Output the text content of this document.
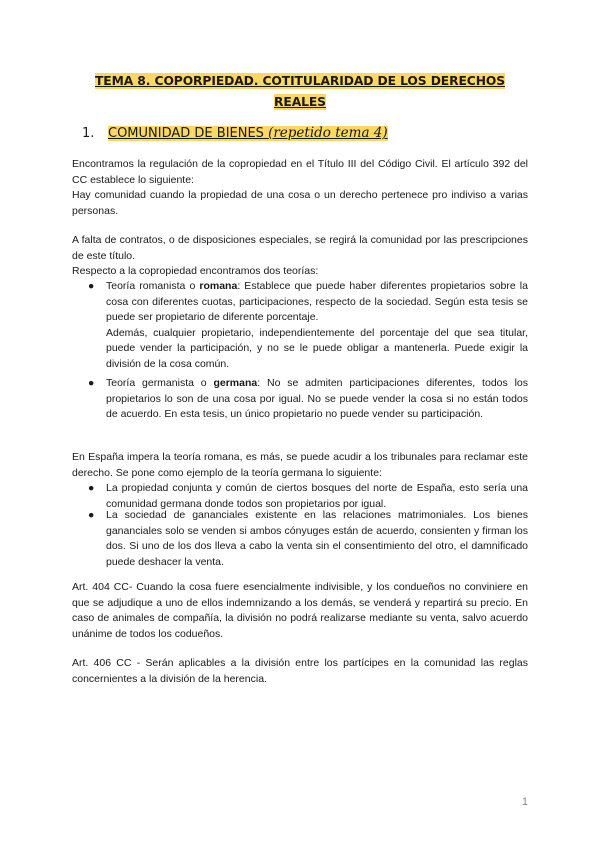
TEMA 8. COPORPIEDAD. COTITULARIDAD DE LOS DERECHOS
REALES
1. COMUNIDAD DE BIENES (repetido tema 4)
Encontramos la regulación de la copropiedad en el Título III del Código Civil. El artículo 392 del CC establece lo siguiente:
Hay comunidad cuando la propiedad de una cosa o un derecho pertenece pro indiviso a varias personas.
A falta de contratos, o de disposiciones especiales, se regirá la comunidad por las prescripciones de este título.
Respecto a la copropiedad encontramos dos teorías:
●	Teoría romanista o romana: Establece que puede haber diferentes propietarios sobre la cosa con diferentes cuotas, participaciones, respecto de la sociedad. Según esta tesis se puede ser propietario de diferente porcentaje.
Además, cualquier propietario, independientemente del porcentaje del que sea titular, puede vender la participación, y no se le puede obligar a mantenerla. Puede exigir la división de la cosa común.
●	Teoría germanista o germana: No se admiten participaciones diferentes, todos los propietarios lo son de una cosa por igual. No se puede vender la cosa si no están todos de acuerdo. En esta tesis, un único propietario no puede vender su participación.
En España impera la teoría romana, es más, se puede acudir a los tribunales para reclamar este derecho. Se pone como ejemplo de la teoría germana lo siguiente:
●	La propiedad conjunta y común de ciertos bosques del norte de España, esto sería una comunidad germana donde todos son propietarios por igual.
●	La sociedad de gananciales existente en las relaciones matrimoniales. Los bienes gananciales solo se venden si ambos cónyuges están de acuerdo, consienten y firman los dos. Si uno de los dos lleva a cabo la venta sin el consentimiento del otro, el damnificado puede deshacer la venta.
Art. 404 CC- Cuando la cosa fuere esencialmente indivisible, y los condueños no conviniere en que se adjudique a uno de ellos indemnizando a los demás, se venderá y repartirá su precio. En caso de animales de compañía, la división no podrá realizarse mediante su venta, salvo acuerdo unánime de todos los codueños.
Art. 406 CC - Serán aplicables a la división entre los partícipes en la comunidad las reglas concernientes a la división de la herencia.
1
